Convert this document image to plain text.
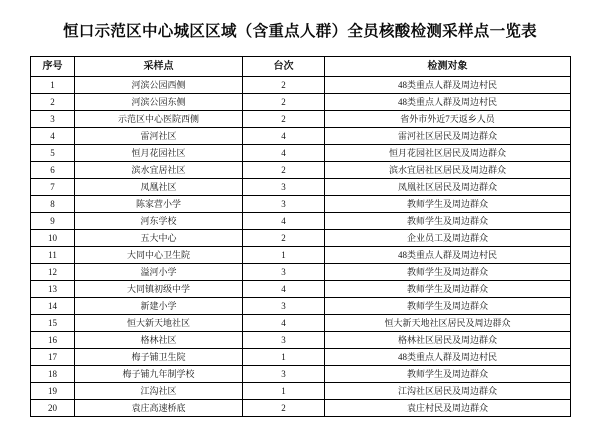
恒口示范区中心城区区域（含重点人群）全员核酸检测采样点一览表
序号	采样点	台次	检测对象
1	河滨公园西侧	2	48类重点人群及周边村民
2	河滨公园东侧	2	48类重点人群及周边村民
3	示范区中心医院西侧	2	省外市外近7天返乡人员
4	雷河社区	4	雷河社区居民及周边群众
5	恒月花园社区	4	恒月花园社区居民及周边群众
6	滨水宜居社区	2	滨水宜居社区居民及周边群众
7	凤凰社区	3	凤凰社区居民及周边群众
8	陈家营小学	3	教师学生及周边群众
9	河东学校	4	教师学生及周边群众
10	五大中心	2	企业员工及周边群众
11	大同中心卫生院	1	48类重点人群及周边村民
12	溢河小学	3	教师学生及周边群众
13	大同镇初级中学	4	教师学生及周边群众
14	新建小学	3	教师学生及周边群众
15	恒大新天地社区	4	恒大新天地社区居民及周边群众
16	格林社区	3	格林社区居民及周边群众
17	梅子铺卫生院	1	48类重点人群及周边村民
18	梅子铺九年制学校	3	教师学生及周边群众
19	江沟社区	1	江沟社区居民及周边群众
20	袁庄高速桥底	2	袁庄村民及周边群众
